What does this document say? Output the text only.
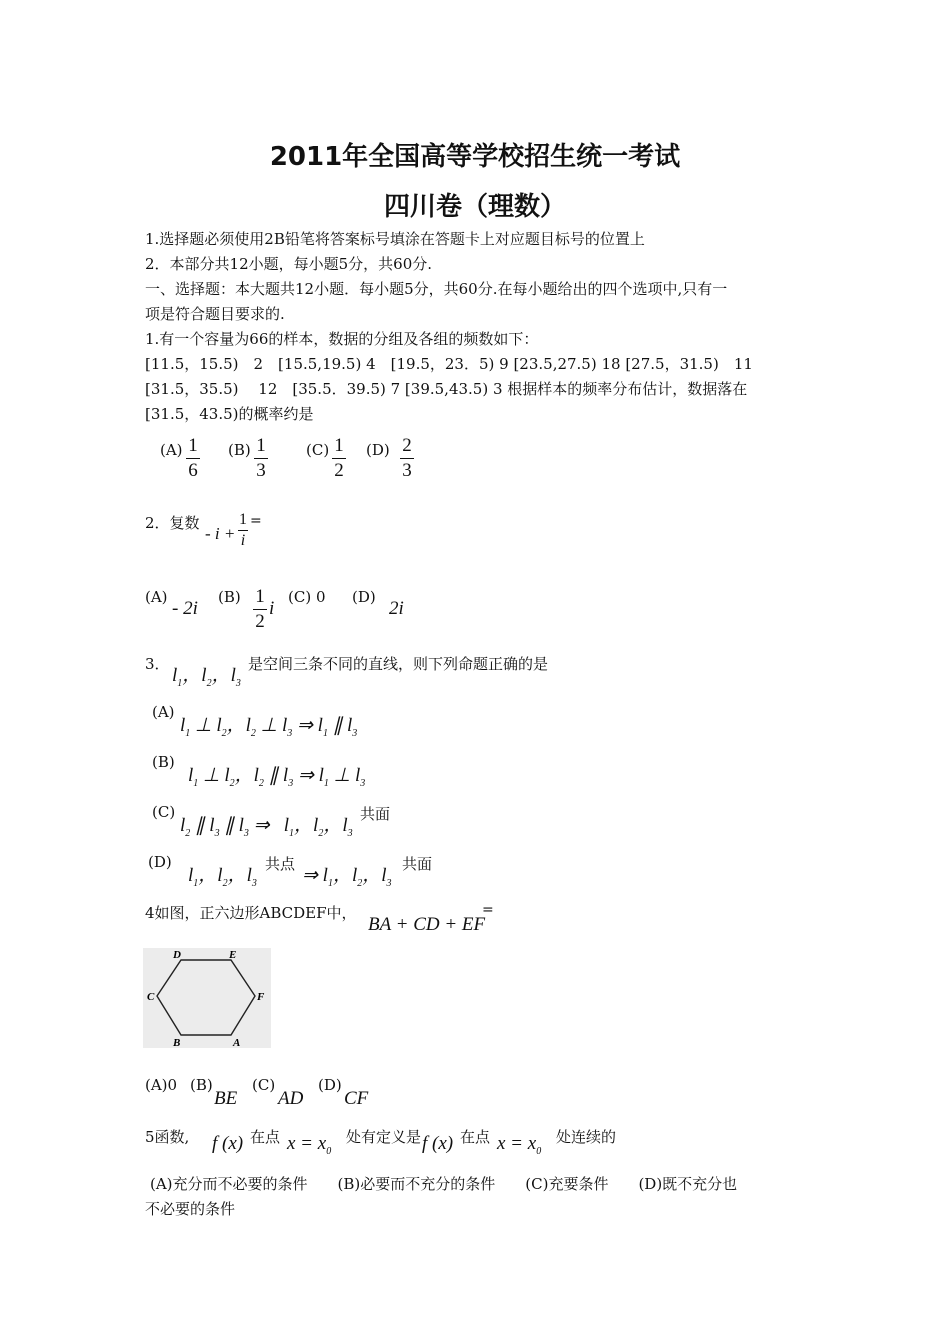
2011年全国高等学校招生统一考试
四川卷（理数）
1.选择题必须使用2B铅笔将答案标号填涂在答题卡上对应题目标号的位置上
2．本部分共12小题，每小题5分，共60分.
一、选择题：本大题共12小题．每小题5分，共60分.在每小题给出的四个选项中,只有一
项是符合题目要求的.
1.有一个容量为66的样本，数据的分组及各组的频数如下：
[11.5，15.5)　2　[15.5,19.5) 4　[19.5，23．5) 9 [23.5,27.5) 18 [27.5，31.5)　11
[31.5，35.5)　 12　[35.5．39.5) 7 [39.5,43.5) 3 根据样本的频率分布估计，数据落在
[31.5，43.5)的概率约是
(A) 1
6
(B) 1
3
(C) 1
2
(D) 2
3
2．复数
- i +
1
i
=
(A)
- 2i
(B) 1
2
i
(C) 0 (D)
2i
3．
$l_1$，$l_2$，$l_3$
是空间三条不同的直线，则下列命题正确的是
(A)
$l_1$ ⊥ $l_2$，$l_2$ ⊥ $l_3$ ⇒ $l_1$ ∥ $l_3$
(B)
$l_1$ ⊥ $l_2$，$l_2$ ∥ $l_3$ ⇒ $l_1$ ⊥ $l_3$
(C)
$l_2$ ∥ $l_3$ ∥ $l_3$ ⇒   $l_1$，$l_2$，$l_3$
共面
(D)
$l_1$，$l_2$，$l_3$
共点
⇒ $l_1$，$l_2$，$l_3$
共面
4如图，正六边形ABCDEF中，
BA + CD + EF
=
A
B
C
D	E
F
(A)0 (B)
BE
(C)
AD
(D)
CF
5函数, f (x) 在点 $x = x_0$
处有定义是 f (x) 在点 $x = x_0$
处连续的
(A)充分而不必要的条件　　(B)必要而不充分的条件　　(C)充要条件　　(D)既不充分也
不必要的条件
